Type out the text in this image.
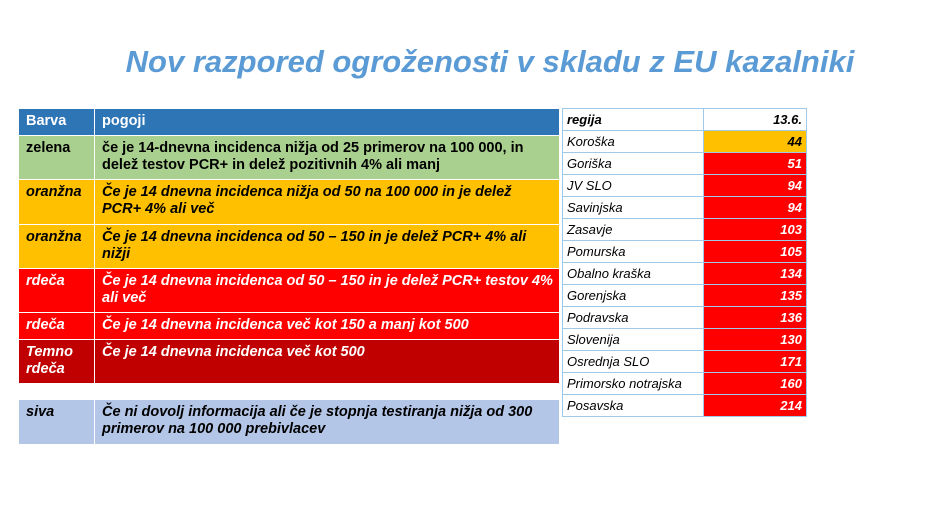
Nov razpored ogroženosti v skladu z EU kazalniki
Barva	pogoji
zelena	če je 14-dnevna incidenca nižja od 25 primerov na 100 000, in delež testov PCR+ in delež pozitivnih 4% ali manj
oranžna	Če je 14 dnevna incidenca nižja od 50 na 100 000 in je delež PCR+ 4% ali več
oranžna	Če je 14 dnevna incidenca od 50 – 150 in je delež PCR+ 4% ali nižji
rdeča	Če je 14 dnevna incidenca od 50 – 150 in je delež PCR+ testov 4% ali več
rdeča	Če je 14 dnevna incidenca več kot 150 a manj kot 500
Temno rdeča	Če je 14 dnevna incidenca več kot 500

siva	Če ni dovolj informacija ali če je stopnja testiranja nižja od 300 primerov na 100 000 prebivlacev
regija	13.6.
Koroška	44
Goriška	51
JV SLO	94
Savinjska	94
Zasavje	103
Pomurska	105
Obalno kraška	134
Gorenjska	135
Podravska	136
Slovenija	130
Osrednja SLO	171
Primorsko notrajska	160
Posavska	214
